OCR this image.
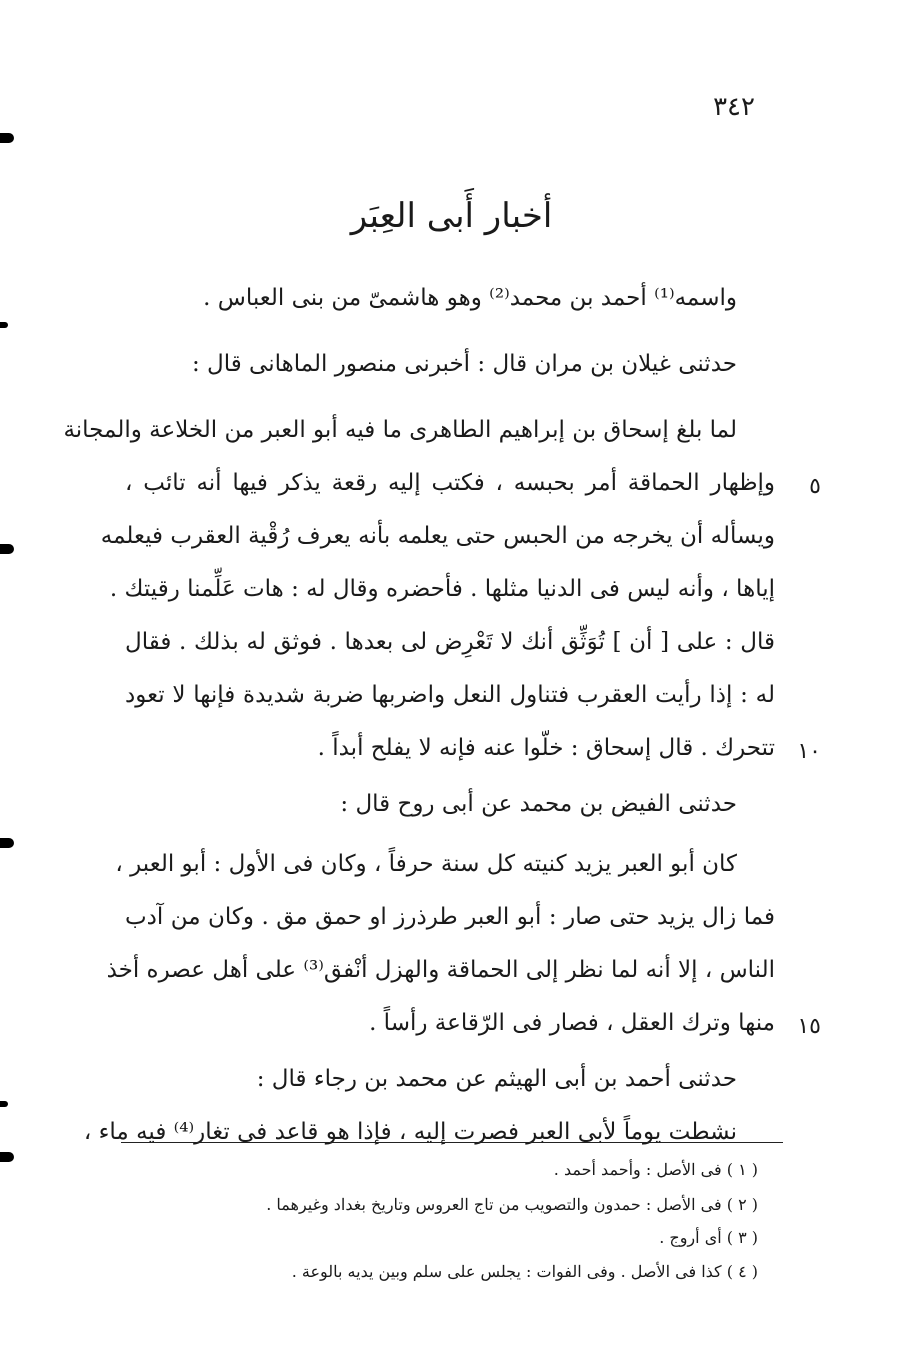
٣٤٢
أخبار أَبى العِبَر
واسمه⁽¹⁾ أحمد بن محمد⁽²⁾ وهو هاشمىّ من بنى العباس .
حدثنى غيلان بن مران قال : أخبرنى منصور الماهانى قال :
لما بلغ إسحاق بن إبراهيم الطاهرى ما فيه أبو العبر من الخلاعة والمجانة
وإظهار الحماقة أمر بحبسه ، فكتب إليه رقعة يذكر فيها أنه تائب ،
ويسأله أن يخرجه من الحبس حتى يعلمه بأنه يعرف رُقْية العقرب فيعلمه
إياها ، وأنه ليس فى الدنيا مثلها . فأحضره وقال له : هات عَلِّمنا رقيتك .
قال : على [ أن ] تُوَثِّق أنك لا تَعْرِض لى بعدها . فوثق له بذلك . فقال
له : إذا رأيت العقرب فتناول النعل واضربها ضربة شديدة فإنها لا تعود
تتحرك . قال إسحاق : خلّوا عنه فإنه لا يفلح أبداً .
حدثنى الفيض بن محمد عن أبى روح قال :
كان أبو العبر يزيد كنيته كل سنة حرفاً ، وكان فى الأول : أبو العبر ،
فما زال يزيد حتى صار : أبو العبر طرذرز او حمق مق . وكان من آدب
الناس ، إلا أنه لما نظر إلى الحماقة والهزل أنْفق⁽³⁾ على أهل عصره أخذ
منها وترك العقل ، فصار فى الرّقاعة رأساً .
حدثنى أحمد بن أبى الهيثم عن محمد بن رجاء قال :
نشطت يوماً لأبى العبر فصرت إليه ، فإذا هو قاعد فى تغار⁽⁴⁾ فيه ماء ،
٥
١٠
١٥
( ١ ) فى الأصل : وأحمد أحمد .
( ٢ ) فى الأصل : حمدون والتصويب من تاج العروس وتاريخ بغداد وغيرهما .
( ٣ ) أى أروج .
( ٤ ) كذا فى الأصل . وفى الفوات : يجلس على سلم وبين يديه بالوعة .
